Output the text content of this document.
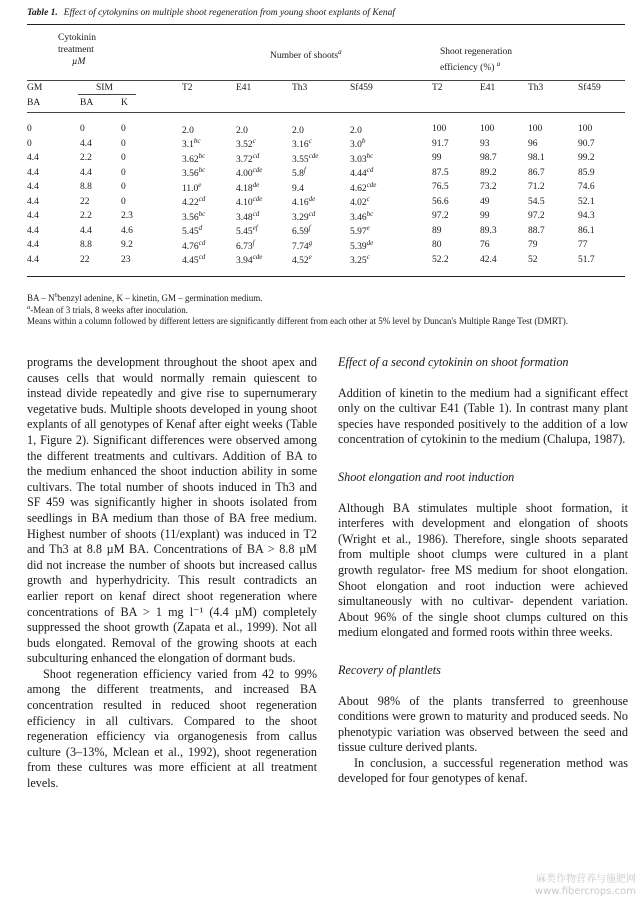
Table 1. Effect of cytokynins on multiple shoot regeneration from young shoot explants of Kenaf
Cytokinin
treatment
µM
Number of shoots$^a$	Shoot regeneration
efficiency (%) $^a$
GM	SIM
BA	BA	K
T2	E41	Th3	Sf459	T2	E41	Th3	Sf459
0	0	0	2.0	2.0	2.0	2.0	100	100	100	100
0	4.4	0	3.1$^{bc}$	3.52$^c$	3.16$^c$	3.0$^b$	91.7	93	96	90.7
4.4	2.2	0	3.62$^{bc}$	3.72$^{cd}$	3.55$^{cde}$	3.03$^{bc}$	99	98.7	98.1	99.2
4.4	4.4	0	3.56$^{bc}$	4.00$^{cde}$	5.8$^f$	4.44$^{cd}$	87.5	89.2	86.7	85.9
4.4	8.8	0	11.0e	4.18de	9.4	4.62$^{cde}$	76.5	73.2	71.2	74.6
4.4	22	0	4.22$^{cd}$	4.10$^{cde}$	4.16de	4.02$^c$	56.6	49	54.5	52.1
4.4	2.2	2.3	3.56$^{bc}$	3.48$^{cd}$	3.29$^{cd}$	3.46$^{bc}$	97.2	99	97.2	94.3
4.4	4.4	4.6	5.45$^d$	5.45$^{ef}$	6.59$^f$	5.97e	89	89.3	88.7	86.1
4.4	8.8	9.2	4.76$^{cd}$	6.73$^f$	7.74$^g$	5.39de	80	76	79	77
4.4	22	23	4.45$^{cd}$	3.94$^{cde}$	4.52e	3.25$^c$	52.2	42.4	52	51.7
BA – $N^6benzyl$ adenine, K – kinetin, GM – germination medium.
$^a$-Mean of 3 trials, 8 weeks after inoculation.
Means within a column followed by different letters are significantly different from each other at 5% level by Duncan's Multiple Range Test (DMRT).

programs the development throughout the shoot apex and causes cells that would normally remain quiescent to instead divide repeatedly and give rise to supernumerary vegetative buds. Multiple shoots developed in young shoot explants of all genotypes of Kenaf after eight weeks (Table 1, Figure 2). Significant differences were observed among the different treatments and cultivars. Addition of BA to the medium enhanced the shoot induction ability in some cultivars. The total number of shoots induced in Th3 and SF 459 was significantly higher in shoots isolated from seedlings in BA medium than those of BA free medium. Highest number of shoots (11/explant) was induced in T2 and Th3 at 8.8 µM BA. Concentrations of BA > 8.8 µM did not increase the number of shoots but increased callus growth and hyperhydricity. This result contradicts an earlier report on kenaf direct shoot regeneration where concentrations of BA > 1 mg l⁻¹ (4.4 µM) completely suppressed the shoot growth (Zapata et al., 1999). Not all buds elongated. Removal of the growing shoots at each subculturing enhanced the elongation of dormant buds.

Shoot regeneration efficiency varied from 42 to 99% among the different treatments, and increased BA concentration resulted in reduced shoot regeneration efficiency in all cultivars. Compared to the shoot regeneration efficiency via organogenesis from callus culture (3–13%, Mclean et al., 1992), shoot regeneration from these cultures was more efficient at all treatment levels.

Effect of a second cytokinin on shoot formation

Addition of kinetin to the medium had a significant effect only on the cultivar E41 (Table 1). In contrast many plant species have responded positively to the addition of a low concentration of cytokinin to the medium (Chalupa, 1987).

Shoot elongation and root induction

Although BA stimulates multiple shoot formation, it interferes with development and elongation of shoots (Wright et al., 1986). Therefore, single shoots separated from multiple shoot clumps were cultured in a plant growth regulator- free MS medium for shoot elongation. Shoot elongation and root induction were achieved simultaneously with no cultivar- dependent variation. About 96% of the single shoot clumps cultured on this medium elongated and formed roots within three weeks.

Recovery of plantlets

About 98% of the plants transferred to greenhouse conditions were grown to maturity and produced seeds. No phenotypic variation was observed between the seed and tissue culture derived plants.

In conclusion, a successful regeneration method was developed for four genotypes of kenaf.

麻类作物营养与施肥网
www.fibercrops.com
